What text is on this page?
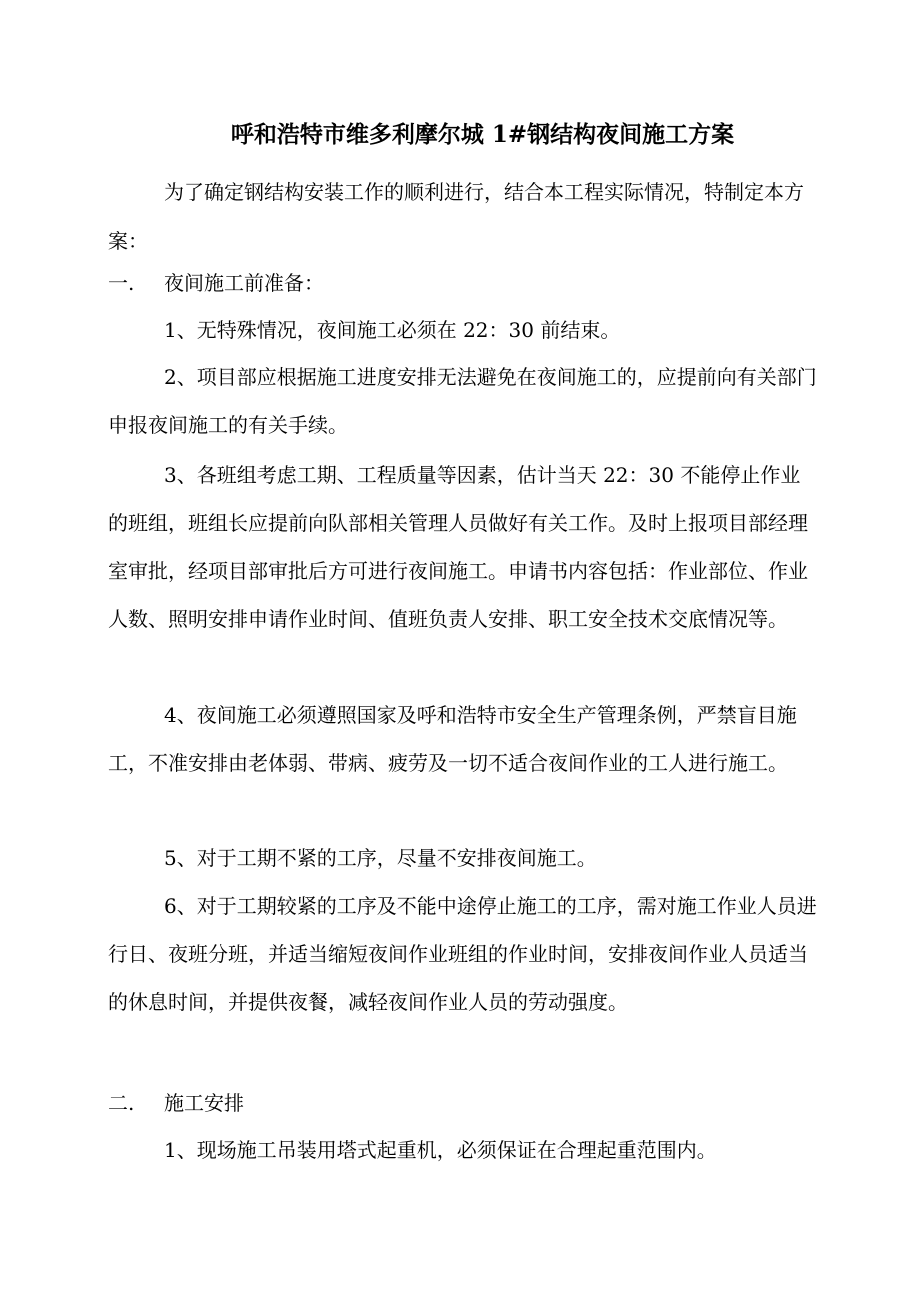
呼和浩特市维多利摩尔城 1#钢结构夜间施工方案
为了确定钢结构安装工作的顺利进行，结合本工程实际情况，特制定本方案：
一. 夜间施工前准备：
1、无特殊情况，夜间施工必须在 22：30 前结束。
2、项目部应根据施工进度安排无法避免在夜间施工的，应提前向有关部门申报夜间施工的有关手续。
3、各班组考虑工期、工程质量等因素，估计当天 22：30 不能停止作业的班组，班组长应提前向队部相关管理人员做好有关工作。及时上报项目部经理室审批，经项目部审批后方可进行夜间施工。申请书内容包括：作业部位、作业人数、照明安排申请作业时间、值班负责人安排、职工安全技术交底情况等。
4、夜间施工必须遵照国家及呼和浩特市安全生产管理条例，严禁盲目施工，不准安排由老体弱、带病、疲劳及一切不适合夜间作业的工人进行施工。
5、对于工期不紧的工序，尽量不安排夜间施工。
6、对于工期较紧的工序及不能中途停止施工的工序，需对施工作业人员进行日、夜班分班，并适当缩短夜间作业班组的作业时间，安排夜间作业人员适当的休息时间，并提供夜餐，减轻夜间作业人员的劳动强度。
二. 施工安排
1、现场施工吊装用塔式起重机，必须保证在合理起重范围内。
